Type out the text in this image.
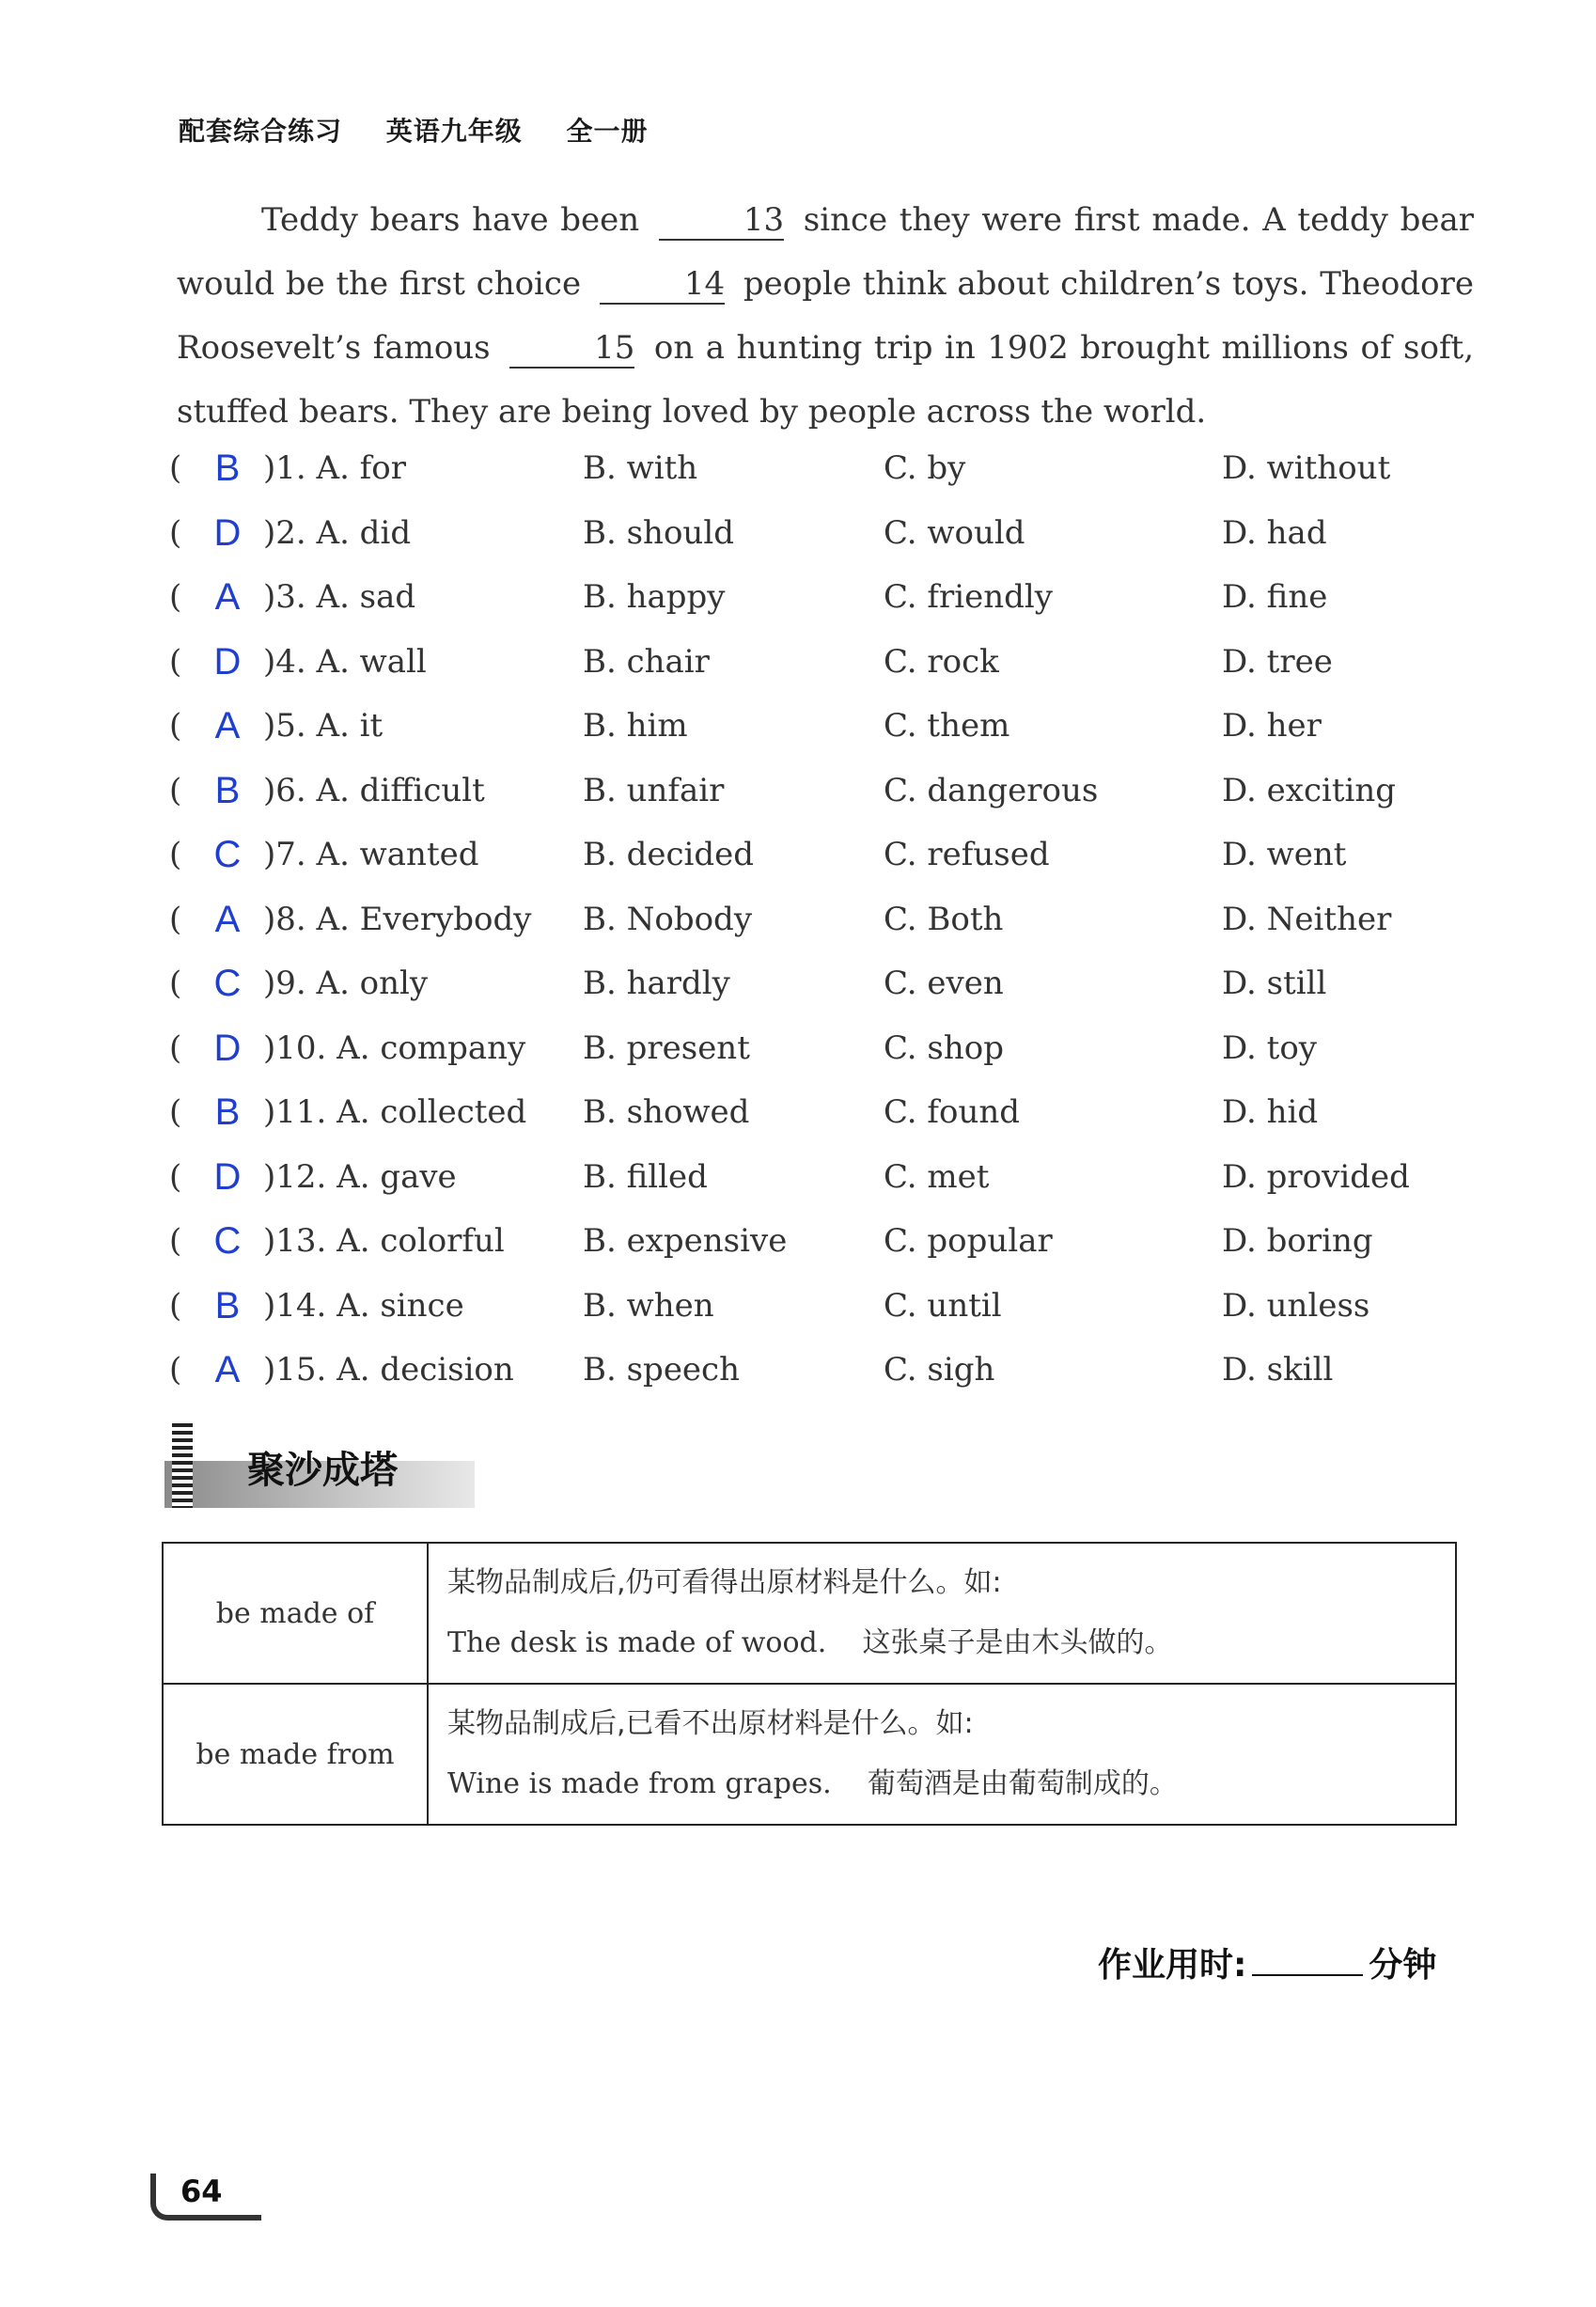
配套综合练习 英语九年级 全一册

Teddy bears have been	13 since they were first made. A teddy bear would be the first choice	14 people think about children’s toys. Theodore Roosevelt’s famous	15 on a hunting trip in 1902 brought millions of soft, stuffed bears. They are being loved by people across the world.

( B )1. A. for	B. with	C. by	D. without
( D )2. A. did	B. should	C. would	D. had
( A )3. A. sad	B. happy	C. friendly	D. fine
( D )4. A. wall	B. chair	C. rock	D. tree
( A )5. A. it	B. him	C. them	D. her
( B )6. A. difficult	B. unfair	C. dangerous	D. exciting
( C )7. A. wanted	B. decided	C. refused	D. went
( A )8. A. Everybody B. Nobody	C. Both	D. Neither
( C )9. A. only	B. hardly	C. even	D. still
( D )10. A. company B. present	C. shop	D. toy
( B )11. A. collected B. showed	C. found	D. hid
( D )12. A. gave	B. filled	C. met	D. provided
( C )13. A. colorful B. expensive	C. popular	D. boring
( B )14. A. since	B. when	C. until	D. unless
( A )15. A. decision B. speech	C. sigh	D. skill
聚沙成塔
be made of	某物品制成后,仍可看得出原材料是什么。如:
The desk is made of wood. 这张桌子是由木头做的。

be made from	某物品制成后,已看不出原材料是什么。如:
Wine is made from grapes. 葡萄酒是由葡萄制成的。
作业用时:	分钟
64
